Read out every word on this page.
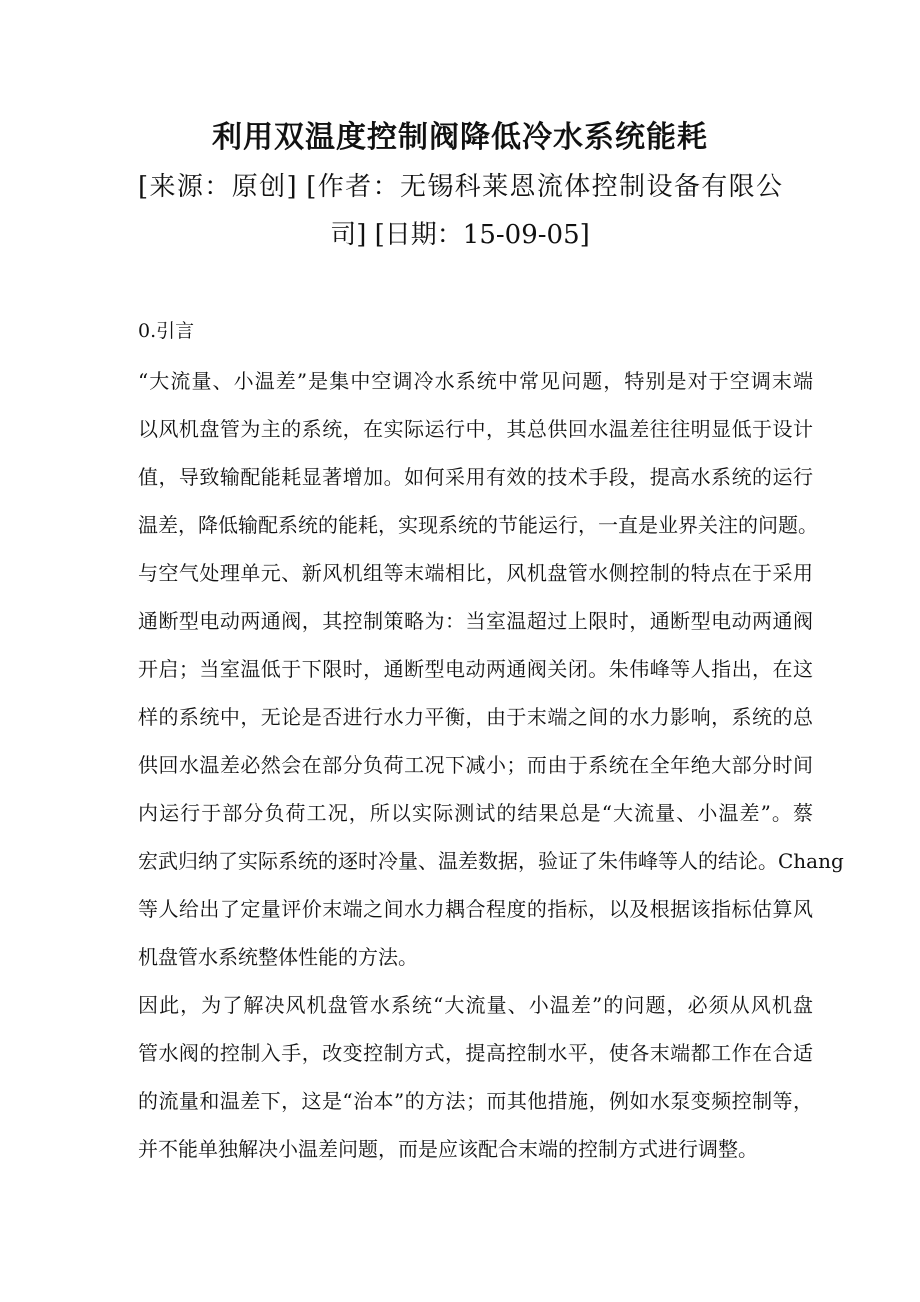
利用双温度控制阀降低冷水系统能耗
[来源：原创] [作者：无锡科莱恩流体控制设备有限公
司] [日期：15-09-05]
0.引言
“大流量、小温差”是集中空调冷水系统中常见问题，特别是对于空调末端
以风机盘管为主的系统，在实际运行中，其总供回水温差往往明显低于设计
值，导致输配能耗显著增加。如何采用有效的技术手段，提高水系统的运行
温差，降低输配系统的能耗，实现系统的节能运行，一直是业界关注的问题。
与空气处理单元、新风机组等末端相比，风机盘管水侧控制的特点在于采用
通断型电动两通阀，其控制策略为：当室温超过上限时，通断型电动两通阀
开启；当室温低于下限时，通断型电动两通阀关闭。朱伟峰等人指出，在这
样的系统中，无论是否进行水力平衡，由于末端之间的水力影响，系统的总
供回水温差必然会在部分负荷工况下减小；而由于系统在全年绝大部分时间
内运行于部分负荷工况，所以实际测试的结果总是“大流量、小温差”。蔡
宏武归纳了实际系统的逐时冷量、温差数据，验证了朱伟峰等人的结论。Chang
等人给出了定量评价末端之间水力耦合程度的指标，以及根据该指标估算风
机盘管水系统整体性能的方法。
因此，为了解决风机盘管水系统“大流量、小温差”的问题，必须从风机盘
管水阀的控制入手，改变控制方式，提高控制水平，使各末端都工作在合适
的流量和温差下，这是“治本”的方法；而其他措施，例如水泵变频控制等，
并不能单独解决小温差问题，而是应该配合末端的控制方式进行调整。
